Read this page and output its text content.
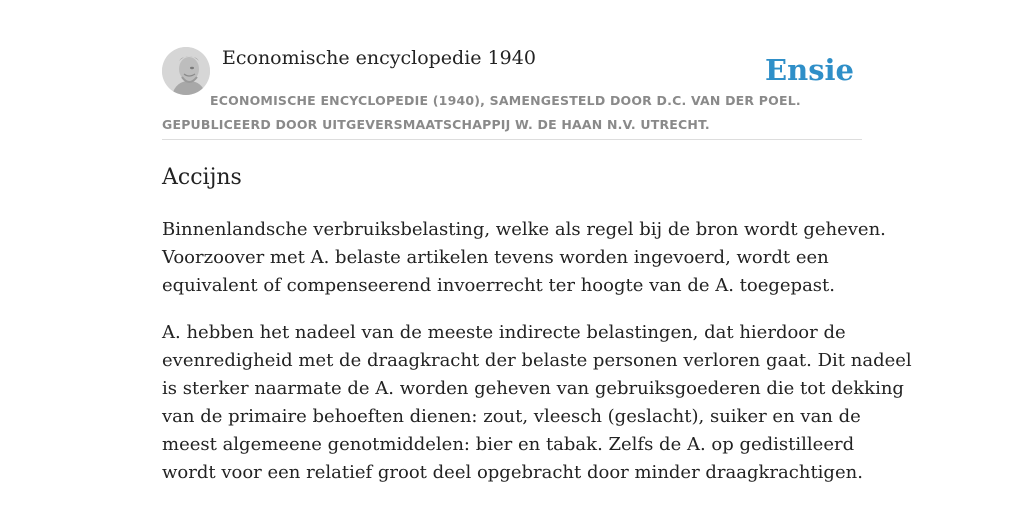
Economische encyclopedie 1940	Ensie
ECONOMISCHE ENCYCLOPEDIE (1940), SAMENGESTELD DOOR D.C. VAN DER POEL.
GEPUBLICEERD DOOR UITGEVERSMAATSCHAPPIJ W. DE HAAN N.V. UTRECHT.
Accijns
Binnenlandsche verbruiksbelasting, welke als regel bij de bron wordt geheven.
Voorzoover met A. belaste artikelen tevens worden ingevoerd, wordt een
equivalent of compenseerend invoerrecht ter hoogte van de A. toegepast.
A. hebben het nadeel van de meeste indirecte belastingen, dat hierdoor de
evenredigheid met de draagkracht der belaste personen verloren gaat. Dit nadeel
is sterker naarmate de A. worden geheven van gebruiksgoederen die tot dekking
van de primaire behoeften dienen: zout, vleesch (geslacht), suiker en van de
meest algemeene genotmiddelen: bier en tabak. Zelfs de A. op gedistilleerd
wordt voor een relatief groot deel opgebracht door minder draagkrachtigen.
